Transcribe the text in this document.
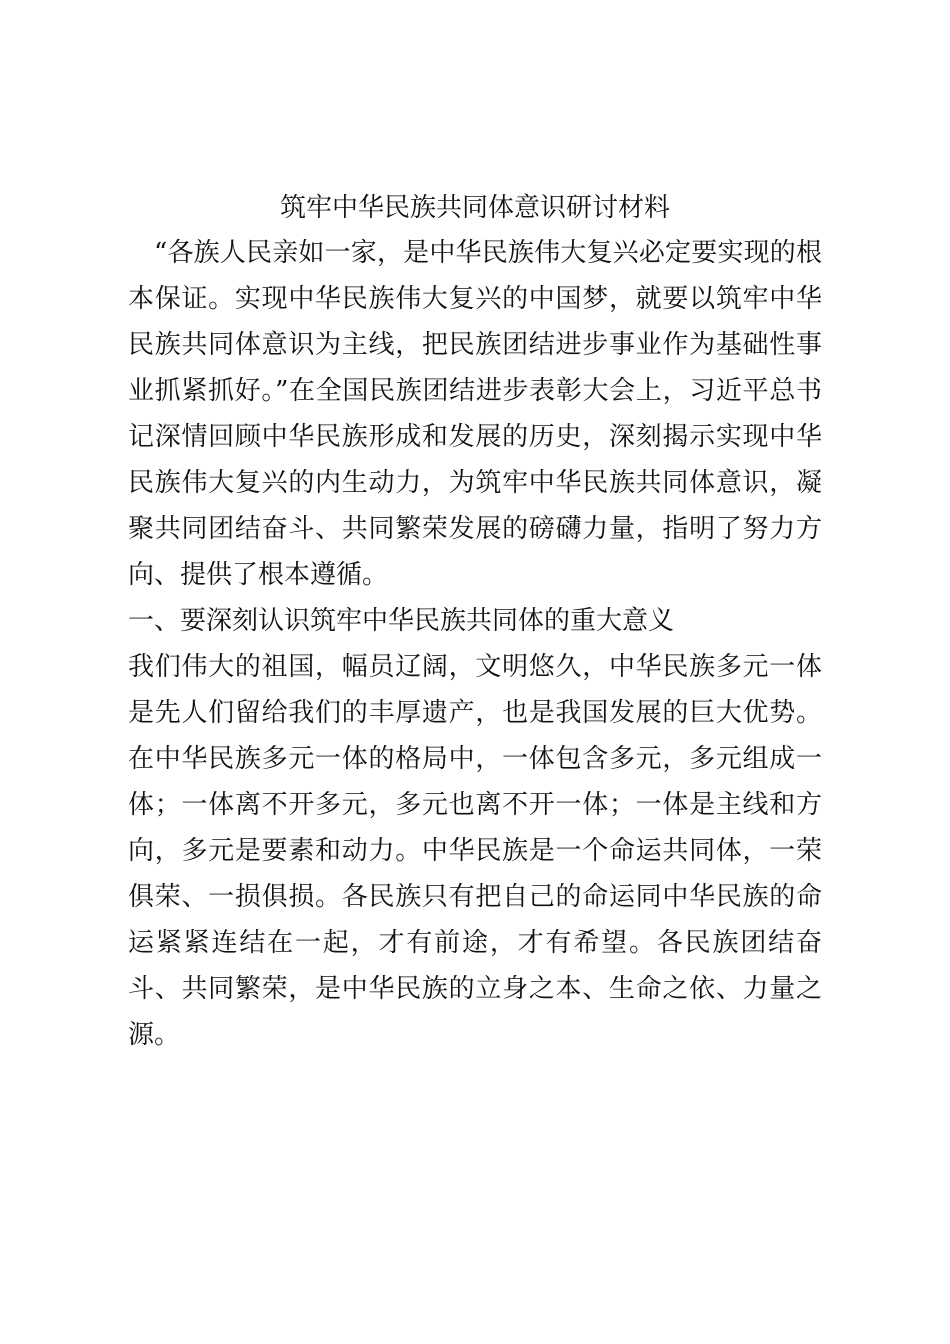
筑牢中华民族共同体意识研讨材料

“各族人民亲如一家，是中华民族伟大复兴必定要实现的根本保证。实现中华民族伟大复兴的中国梦，就要以筑牢中华民族共同体意识为主线，把民族团结进步事业作为基础性事业抓紧抓好。”在全国民族团结进步表彰大会上，习近平总书记深情回顾中华民族形成和发展的历史，深刻揭示实现中华民族伟大复兴的内生动力，为筑牢中华民族共同体意识，凝聚共同团结奋斗、共同繁荣发展的磅礴力量，指明了努力方向、提供了根本遵循。

一、要深刻认识筑牢中华民族共同体的重大意义

我们伟大的祖国，幅员辽阔，文明悠久，中华民族多元一体是先人们留给我们的丰厚遗产，也是我国发展的巨大优势。在中华民族多元一体的格局中，一体包含多元，多元组成一体；一体离不开多元，多元也离不开一体；一体是主线和方向，多元是要素和动力。中华民族是一个命运共同体，一荣俱荣、一损俱损。各民族只有把自己的命运同中华民族的命运紧紧连结在一起，才有前途，才有希望。各民族团结奋斗、共同繁荣，是中华民族的立身之本、生命之依、力量之源。
